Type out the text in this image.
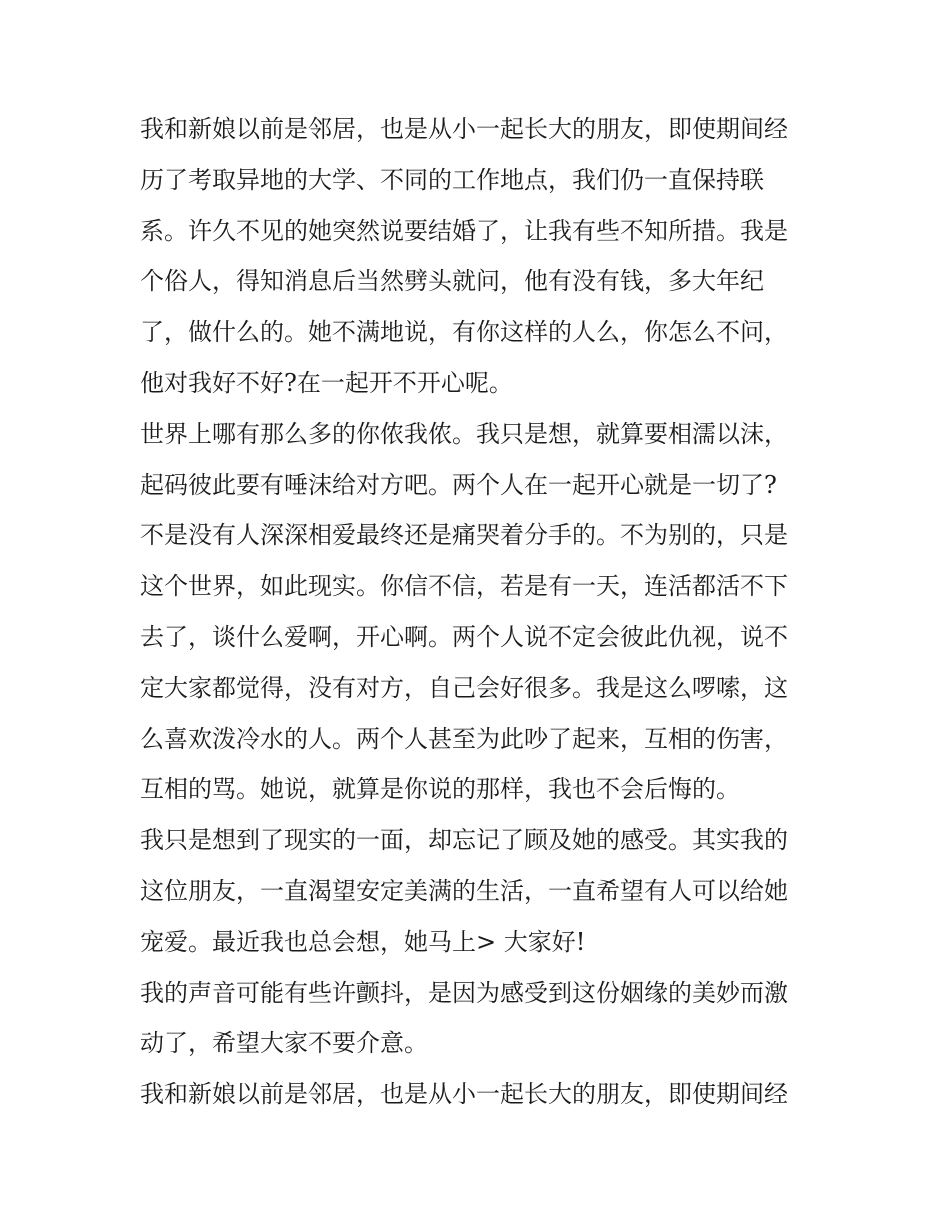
我和新娘以前是邻居，也是从小一起长大的朋友，即使期间经
历了考取异地的大学、不同的工作地点，我们仍一直保持联
系。许久不见的她突然说要结婚了，让我有些不知所措。我是
个俗人，得知消息后当然劈头就问，他有没有钱，多大年纪
了，做什么的。她不满地说，有你这样的人么，你怎么不问，
他对我好不好?在一起开不开心呢。
世界上哪有那么多的你侬我侬。我只是想，就算要相濡以沫，
起码彼此要有唾沫给对方吧。两个人在一起开心就是一切了?
不是没有人深深相爱最终还是痛哭着分手的。不为别的，只是
这个世界，如此现实。你信不信，若是有一天，连活都活不下
去了，谈什么爱啊，开心啊。两个人说不定会彼此仇视，说不
定大家都觉得，没有对方，自己会好很多。我是这么啰嗦，这
么喜欢泼冷水的人。两个人甚至为此吵了起来，互相的伤害，
互相的骂。她说，就算是你说的那样，我也不会后悔的。
我只是想到了现实的一面，却忘记了顾及她的感受。其实我的
这位朋友，一直渴望安定美满的生活，一直希望有人可以给她
宠爱。最近我也总会想，她马上> 大家好!
我的声音可能有些许颤抖，是因为感受到这份姻缘的美妙而激
动了，希望大家不要介意。
我和新娘以前是邻居，也是从小一起长大的朋友，即使期间经
